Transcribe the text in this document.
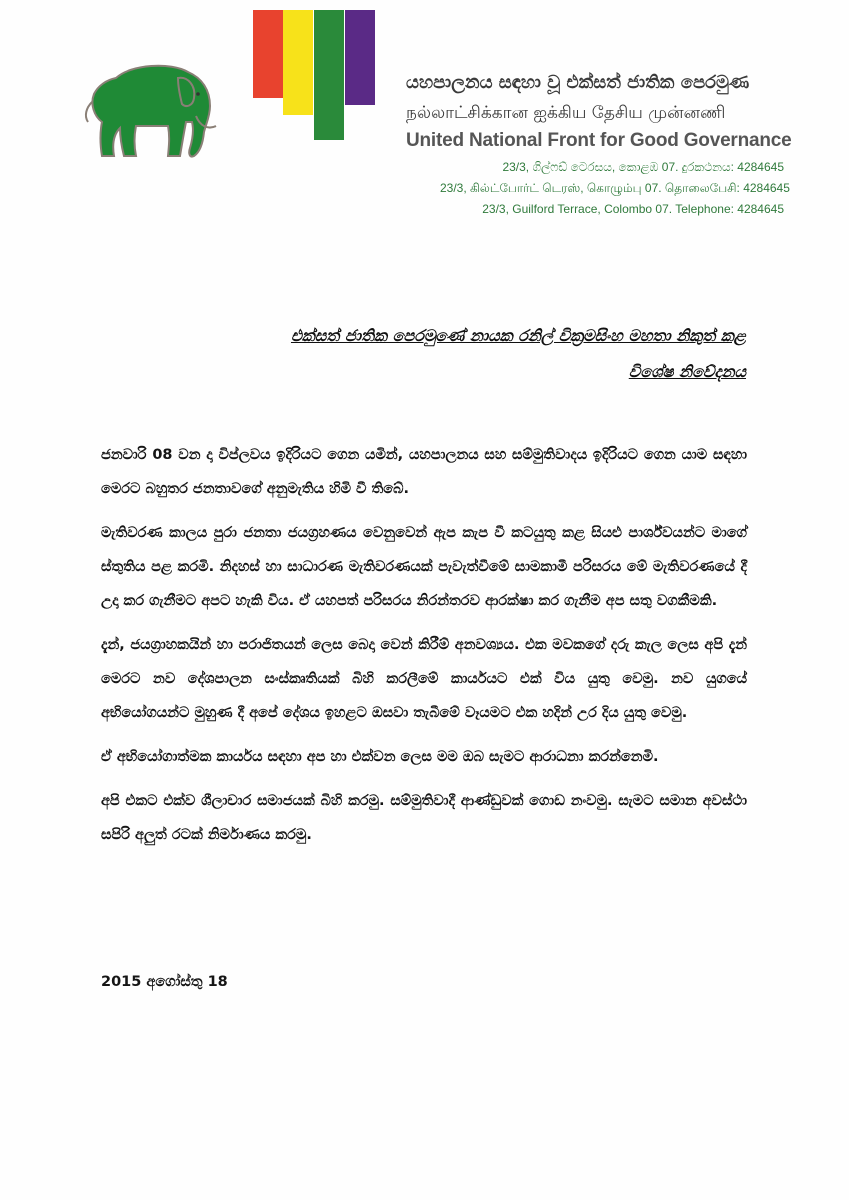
යහපාලනය සඳහා වූ එක්සත් ජාතික පෙරමුණ
நல்லாட்சிக்கான ஐக்கிய தேசிய முன்னணி
United National Front for Good Governance
23/3, ගිල්ෆඩ් ටෙරසය, කොළඹ 07. දුරකථනය: 4284645
23/3, கில்ட்போர்ட் டெரஸ், கொழும்பு 07. தொலைபேசி: 4284645
23/3, Guilford Terrace, Colombo 07. Telephone: 4284645
එක්සත් ජාතික පෙරමුණේ නායක රනිල් වික්‍රමසිංහ මහතා නිකුත් කළ
විශේෂ නිවේදනය

ජනවාරි 08 වන දා විප්ලවය ඉදිරියට ගෙන යමින්, යහපාලනය සහ සම්මුතිවාදය ඉදිරියට ගෙන යාම සඳහා මෙරට බහුතර ජනතාවගේ අනුමැතිය හිමි වී තිබේ.

මැතිවරණ කාලය පුරා ජනතා ජයග්‍රහණය වෙනුවෙන් ඇප කැප වී කටයුතු කළ සියළු පාර්ශ්වයන්ට මාගේ ස්තුතිය පළ කරමි. නිදහස් හා සාධාරණ මැතිවරණයක් පැවැත්වීමේ සාමකාමී පරිසරය මේ මැතිවරණයේ දී උදා කර ගැනීමට අපට හැකි විය. ඒ යහපත් පරිසරය නිරන්තරව ආරක්ෂා කර ගැනීම අප සතු වගකීමකි.

දැන්, ජයග්‍රාහකයින් හා පරාජිතයන් ලෙස බෙදා වෙන් කිරීම් අනවශ්‍යය. එක මවකගේ දරු කැල ලෙස අපි දැන් මෙරට නව දේශපාලන සංස්කෘතියක් බිහි කරලීමේ කාර්යයට එක් විය යුතු වෙමු. නව යුගයේ අභියෝගයන්ට මුහුණ දී අපේ දේශය ඉහළට ඔසවා තැබීමේ වෑයමට එක හදින් උර දිය යුතු වෙමු.

ඒ අභියෝගාත්මක කාර්යය සඳහා අප හා එක්වන ලෙස මම ඔබ සැමට ආරාධනා කරන්නෙමි.

අපි එකට එක්ව ශීලාචාර සමාජයක් බිහි කරමු. සම්මුතිවාදී ආණ්ඩුවක් ගොඩ නංවමු. සැමට සමාන අවස්ථා සපිරි අලුත් රටක් නිර්මාණය කරමු.

2015 අගෝස්තු 18
